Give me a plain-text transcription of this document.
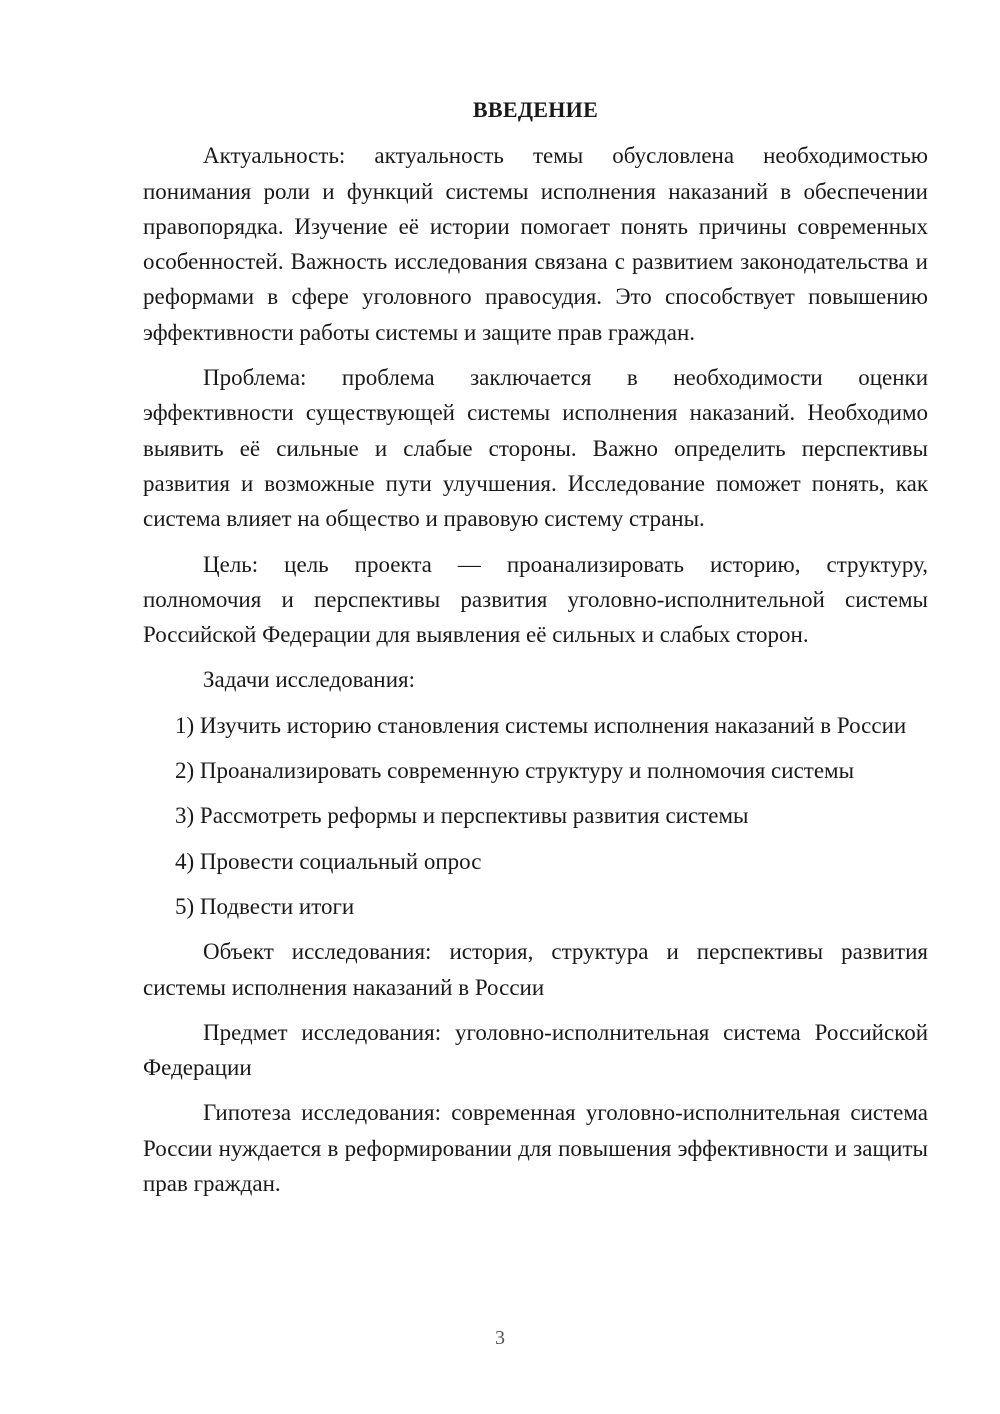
ВВЕДЕНИЕ

Актуальность: актуальность темы обусловлена необходимостью понимания роли и функций системы исполнения наказаний в обеспечении правопорядка. Изучение её истории помогает понять причины современных особенностей. Важность исследования связана с развитием законодательства и реформами в сфере уголовного правосудия. Это способствует повышению эффективности работы системы и защите прав граждан.

Проблема: проблема заключается в необходимости оценки эффективности существующей системы исполнения наказаний. Необходимо выявить её сильные и слабые стороны. Важно определить перспективы развития и возможные пути улучшения. Исследование поможет понять, как система влияет на общество и правовую систему страны.

Цель: цель проекта — проанализировать историю, структуру, полномочия и перспективы развития уголовно-исполнительной системы Российской Федерации для выявления её сильных и слабых сторон.

Задачи исследования:

1) Изучить историю становления системы исполнения наказаний в России

2) Проанализировать современную структуру и полномочия системы

3) Рассмотреть реформы и перспективы развития системы

4) Провести социальный опрос

5) Подвести итоги

Объект исследования: история, структура и перспективы развития системы исполнения наказаний в России

Предмет исследования: уголовно-исполнительная система Российской Федерации

Гипотеза исследования: современная уголовно-исполнительная система России нуждается в реформировании для повышения эффективности и защиты прав граждан.

3
